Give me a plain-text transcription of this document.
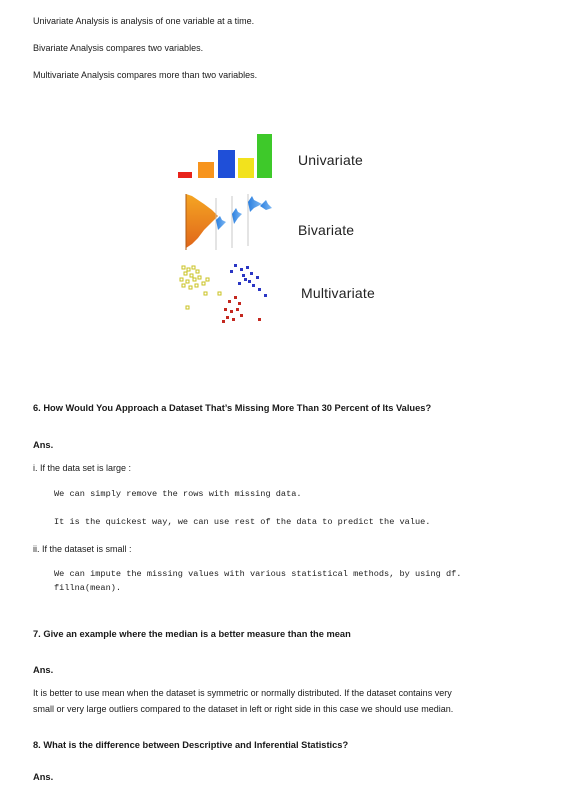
Univariate Analysis is analysis of one variable at a time.
Bivariate Analysis compares two variables.
Multivariate Analysis compares more than two variables.
Univariate
Bivariate
Multivariate
6. How Would You Approach a Dataset That’s Missing More Than 30 Percent of Its Values?
Ans.
i. If the data set is large :
We can simply remove the rows with missing data.
It is the quickest way, we can use rest of the data to predict the value.
ii. If the dataset is small :
We can impute the missing values with various statistical methods, by using df.
fillna(mean).
7. Give an example where the median is a better measure than the mean
Ans.
It is better to use mean when the dataset is symmetric or normally distributed. If the dataset contains very
small or very large outliers compared to the dataset in left or right side in this case we should use median.
8. What is the difference between Descriptive and Inferential Statistics?
Ans.
